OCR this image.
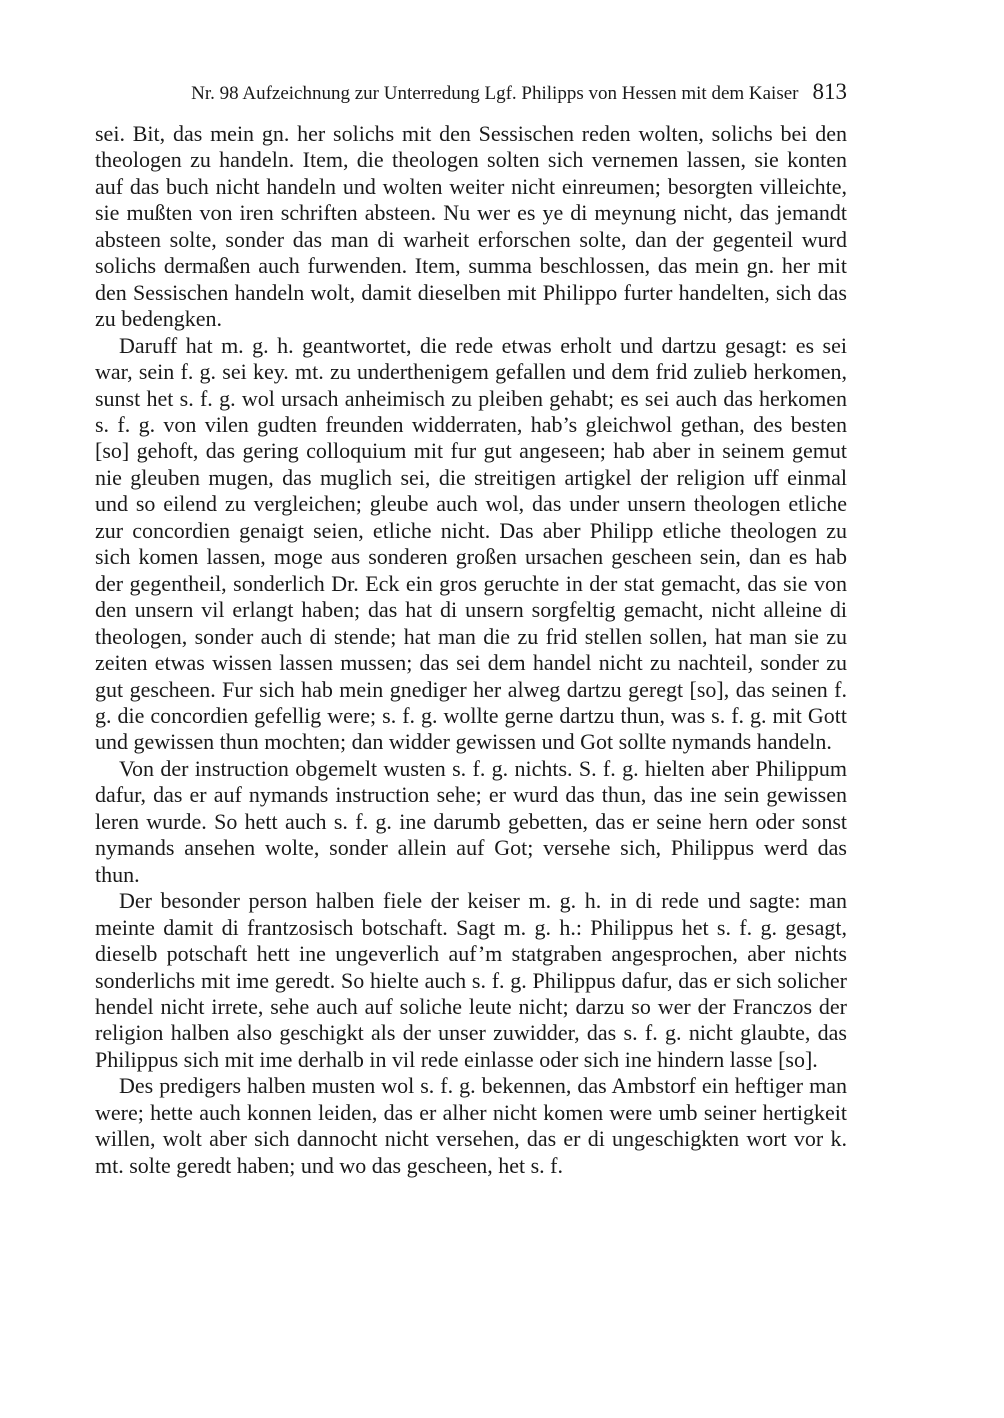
Nr. 98 Aufzeichnung zur Unterredung Lgf. Philipps von Hessen mit dem Kaiser 813

sei. Bit, das mein gn. her solichs mit den Sessischen reden wolten, solichs bei den theologen zu handeln. Item, die theologen solten sich vernemen lassen, sie konten auf das buch nicht handeln und wolten weiter nicht einreumen; besorgten villeichte, sie mußten von iren schriften absteen. Nu wer es ye di meynung nicht, das jemandt absteen solte, sonder das man di warheit erforschen solte, dan der gegenteil wurd solichs dermaßen auch furwenden. Item, summa beschlossen, das mein gn. her mit den Sessischen handeln wolt, damit dieselben mit Philippo furter handelten, sich das zu bedengken.

Daruff hat m. g. h. geantwortet, die rede etwas erholt und dartzu gesagt: es sei war, sein f. g. sei key. mt. zu underthenigem gefallen und dem frid zulieb herkomen, sunst het s. f. g. wol ursach anheimisch zu pleiben gehabt; es sei auch das herkomen s. f. g. von vilen gudten freunden widderraten, hab’s gleichwol gethan, des besten [so] gehoft, das gering colloquium mit fur gut angeseen; hab aber in seinem gemut nie gleuben mugen, das muglich sei, die streitigen artigkel der religion uff einmal und so eilend zu vergleichen; gleube auch wol, das under unsern theologen etliche zur concordien genaigt seien, etliche nicht. Das aber Philipp etliche theologen zu sich komen lassen, moge aus sonderen großen ursachen gescheen sein, dan es hab der gegentheil, sonderlich Dr. Eck ein gros geruchte in der stat gemacht, das sie von den unsern vil erlangt haben; das hat di unsern sorgfeltig gemacht, nicht alleine di theologen, sonder auch di stende; hat man die zu frid stellen sollen, hat man sie zu zeiten etwas wissen lassen mussen; das sei dem handel nicht zu nachteil, sonder zu gut gescheen. Fur sich hab mein gnediger her alweg dartzu geregt [so], das seinen f. g. die concordien gefellig were; s. f. g. wollte gerne dartzu thun, was s. f. g. mit Gott und gewissen thun mochten; dan widder gewissen und Got sollte nymands handeln.

Von der instruction obgemelt wusten s. f. g. nichts. S. f. g. hielten aber Philippum dafur, das er auf nymands instruction sehe; er wurd das thun, das ine sein gewissen leren wurde. So hett auch s. f. g. ine darumb gebetten, das er seine hern oder sonst nymands ansehen wolte, sonder allein auf Got; versehe sich, Philippus werd das thun.

Der besonder person halben fiele der keiser m. g. h. in di rede und sagte: man meinte damit di frantzosisch botschaft. Sagt m. g. h.: Philippus het s. f. g. gesagt, dieselb potschaft hett ine ungeverlich auf’m statgraben angesprochen, aber nichts sonderlichs mit ime geredt. So hielte auch s. f. g. Philippus dafur, das er sich solicher hendel nicht irrete, sehe auch auf soliche leute nicht; darzu so wer der Franczos der religion halben also geschigkt als der unser zuwidder, das s. f. g. nicht glaubte, das Philippus sich mit ime derhalb in vil rede einlasse oder sich ine hindern lasse [so].

Des predigers halben musten wol s. f. g. bekennen, das Ambstorf ein heftiger man were; hette auch konnen leiden, das er alher nicht komen were umb seiner hertigkeit willen, wolt aber sich dannocht nicht versehen, das er di ungeschigkten wort vor k. mt. solte geredt haben; und wo das gescheen, het s. f.
